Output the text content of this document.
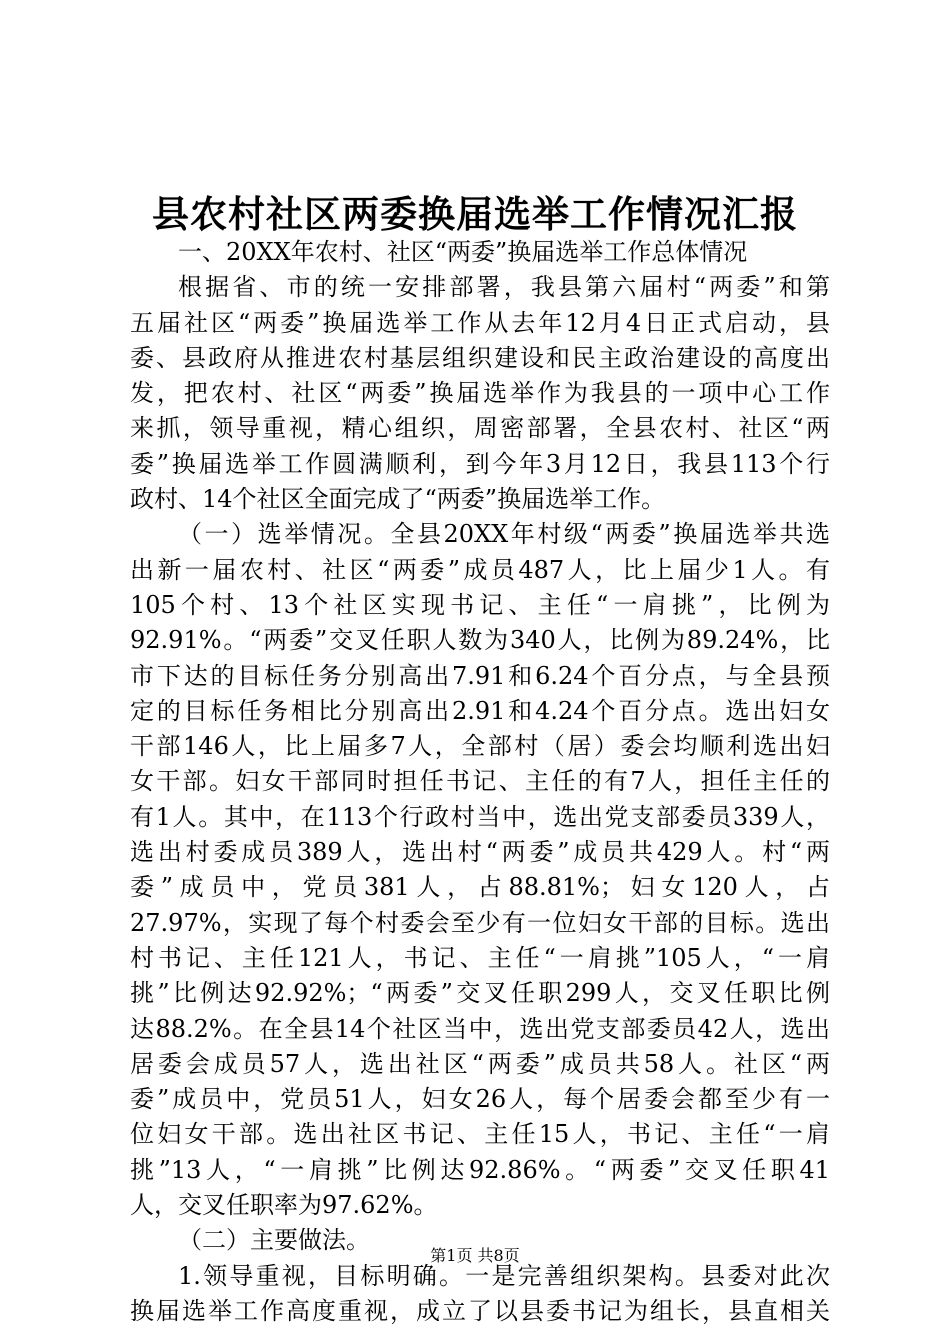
县农村社区两委换届选举工作情况汇报
一、20XX年农村、社区“两委”换届选举工作总体情况
根据省、市的统一安排部署，我县第六届村“两委”和第
五届社区“两委”换届选举工作从去年12月4日正式启动，县
委、县政府从推进农村基层组织建设和民主政治建设的高度出
发，把农村、社区“两委”换届选举作为我县的一项中心工作
来抓，领导重视，精心组织，周密部署，全县农村、社区“两
委”换届选举工作圆满顺利，到今年3月12日，我县113个行
政村、14个社区全面完成了“两委”换届选举工作。
（一）选举情况。全县20XX年村级“两委”换届选举共选
出新一届农村、社区“两委”成员487人，比上届少1人。有
105个村、13个社区实现书记、主任“一肩挑”，比例为
92.91%。“两委”交叉任职人数为340人，比例为89.24%，比
市下达的目标任务分别高出7.91和6.24个百分点，与全县预
定的目标任务相比分别高出2.91和4.24个百分点。选出妇女
干部146人，比上届多7人，全部村（居）委会均顺利选出妇
女干部。妇女干部同时担任书记、主任的有7人，担任主任的
有1人。其中，在113个行政村当中，选出党支部委员339人，
选出村委成员389人，选出村“两委”成员共429人。村“两
委”成员中，党员381人，占88.81%；妇女120人，占
27.97%，实现了每个村委会至少有一位妇女干部的目标。选出
村书记、主任121人，书记、主任“一肩挑”105人，“一肩
挑”比例达92.92%；“两委”交叉任职299人，交叉任职比例
达88.2%。在全县14个社区当中，选出党支部委员42人，选出
居委会成员57人，选出社区“两委”成员共58人。社区“两
委”成员中，党员51人，妇女26人，每个居委会都至少有一
位妇女干部。选出社区书记、主任15人，书记、主任“一肩
挑”13人，“一肩挑”比例达92.86%。“两委”交叉任职41
人，交叉任职率为97.62%。
（二）主要做法。
1.领导重视，目标明确。一是完善组织架构。县委对此次
换届选举工作高度重视，成立了以县委书记为组长，县直相关
第1页 共8页
